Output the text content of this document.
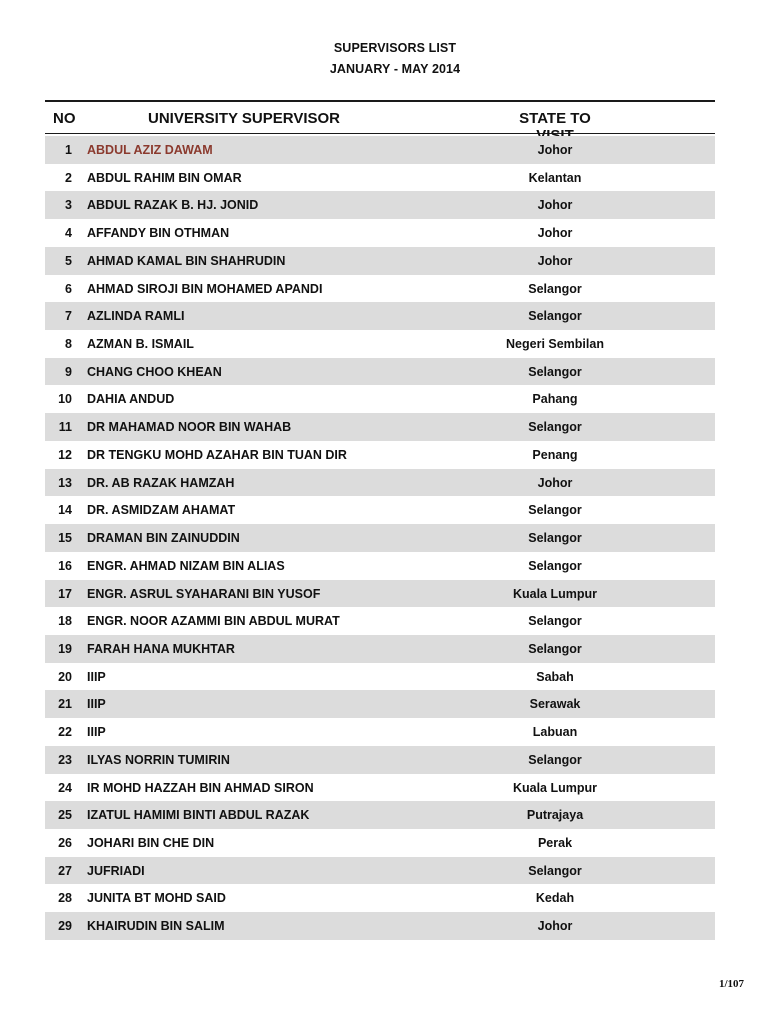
SUPERVISORS LIST
JANUARY - MAY 2014
NO	UNIVERSITY SUPERVISOR	STATE TO
1 ABDUL AZIZ DAWAM	Johor
2 ABDUL RAHIM BIN OMAR	Kelantan
3 ABDUL RAZAK B. HJ. JONID	Johor
4 AFFANDY BIN OTHMAN	Johor
5 AHMAD KAMAL BIN SHAHRUDIN	Johor
6 AHMAD SIROJI BIN MOHAMED APANDI	Selangor
7 AZLINDA RAMLI	Selangor
8 AZMAN B. ISMAIL	Negeri Sembilan
9 CHANG CHOO KHEAN	Selangor
10 DAHIA ANDUD	Pahang
11 DR MAHAMAD NOOR BIN WAHAB	Selangor
12 DR TENGKU MOHD AZAHAR BIN TUAN DIR	Penang
13 DR. AB RAZAK HAMZAH	Johor
14 DR. ASMIDZAM AHAMAT	Selangor
15 DRAMAN BIN ZAINUDDIN	Selangor
16 ENGR. AHMAD NIZAM BIN ALIAS	Selangor
17 ENGR. ASRUL SYAHARANI BIN YUSOF	Kuala Lumpur
18 ENGR. NOOR AZAMMI BIN ABDUL MURAT	Selangor
19 FARAH HANA MUKHTAR	Selangor
20 IIIP	Sabah
21 IIIP	Serawak
22 IIIP	Labuan
23 ILYAS NORRIN TUMIRIN	Selangor
24 IR MOHD HAZZAH BIN AHMAD SIRON	Kuala Lumpur
25 IZATUL HAMIMI BINTI ABDUL RAZAK	Putrajaya
26 JOHARI BIN CHE DIN	Perak
27 JUFRIADI	Selangor
28 JUNITA BT MOHD SAID	Kedah
29 KHAIRUDIN BIN SALIM	Johor
1/107
